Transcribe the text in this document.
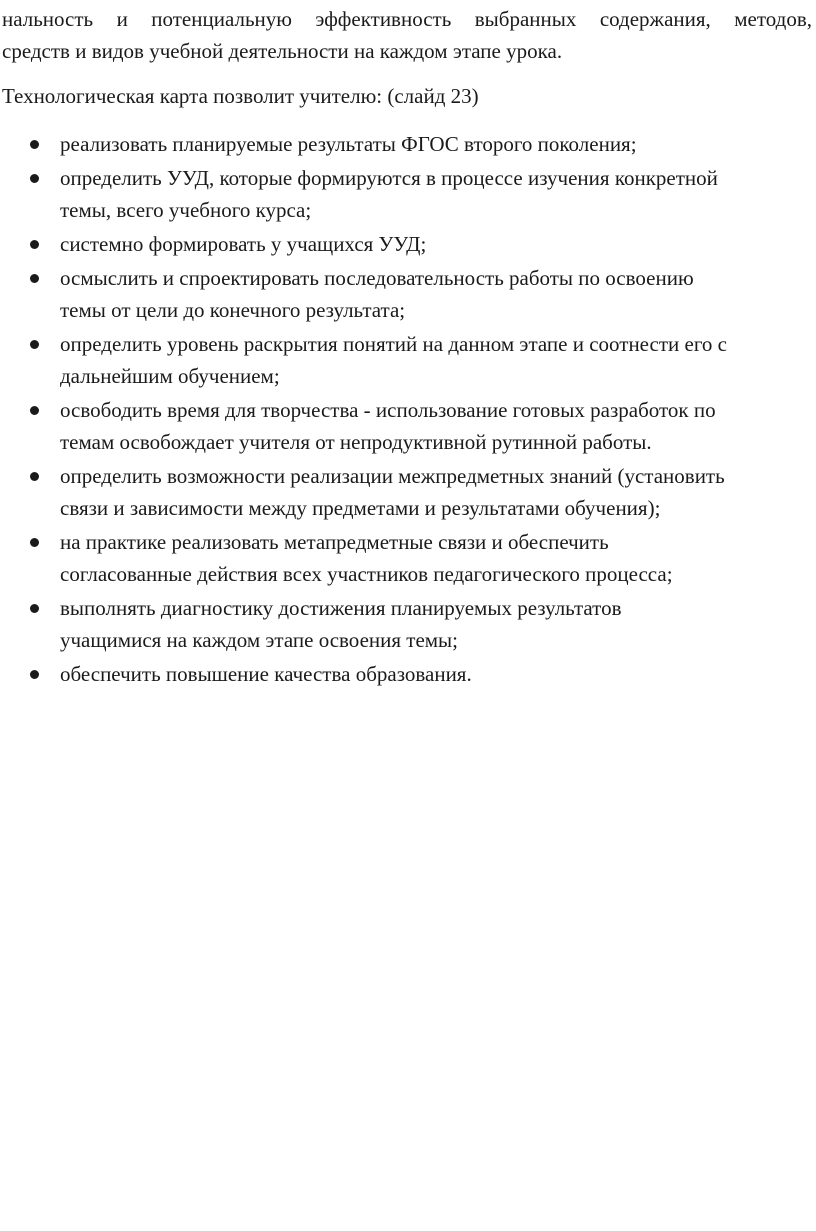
нальность и потенциальную эффективность выбранных содержания, методов,
средств и видов учебной деятельности на каждом этапе урока.

Технологическая карта позволит учителю: (слайд 23)

реализовать планируемые результаты ФГОС второго поколения;
определить УУД, которые формируются в процессе изучения конкретной
темы, всего учебного курса;
системно формировать у учащихся УУД;
осмыслить и спроектировать последовательность работы по освоению
темы от цели до конечного результата;
определить уровень раскрытия понятий на данном этапе и соотнести его с
дальнейшим обучением;
освободить время для творчества - использование готовых разработок по
темам освобождает учителя от непродуктивной рутинной работы.
определить возможности реализации межпредметных знаний (установить
связи и зависимости между предметами и результатами обучения);
на практике реализовать метапредметные связи и обеспечить
согласованные действия всех участников педагогического процесса;
выполнять диагностику достижения планируемых результатов
учащимися на каждом этапе освоения темы;
обеспечить повышение качества образования.
